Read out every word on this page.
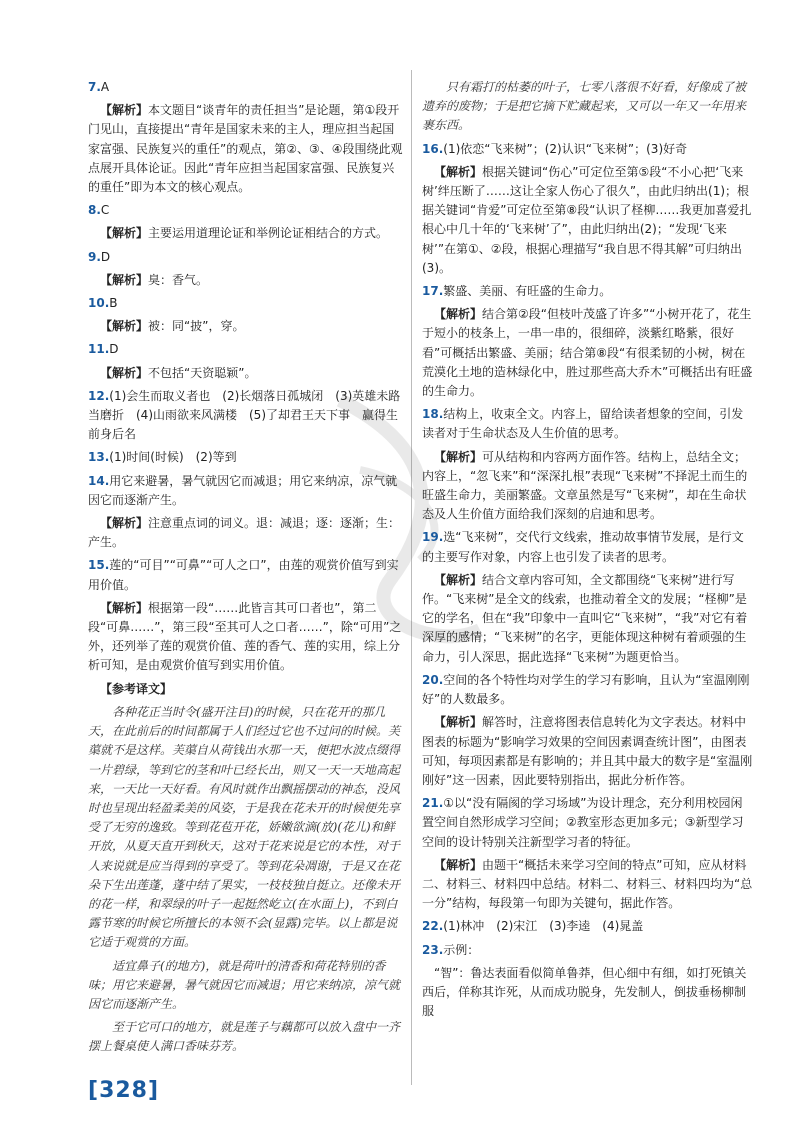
7.A
【解析】本文题目“谈青年的责任担当”是论题，第①段开门见山，直接提出“青年是国家未来的主人，理应担当起国家富强、民族复兴的重任”的观点，第②、③、④段围绕此观点展开具体论证。因此“青年应担当起国家富强、民族复兴的重任”即为本文的核心观点。
8.C
【解析】主要运用道理论证和举例论证相结合的方式。
9.D
【解析】臭：香气。
10.B
【解析】被：同“披”，穿。
11.D
【解析】不包括“天资聪颖”。
12.(1)会生而取义者也　(2)长烟落日孤城闭　(3)英雄未路当磨折　(4)山雨欲来风满楼　(5)了却君王天下事　赢得生前身后名
13.(1)时间(时候)　(2)等到
14.用它来避暑，暑气就因它而减退；用它来纳凉，凉气就因它而逐渐产生。
【解析】注意重点词的词义。退：减退；逐：逐渐；生：产生。
15.莲的“可目”“可鼻”“可人之口”，由莲的观赏价值写到实用价值。
【解析】根据第一段“……此皆言其可口者也”，第二段“可鼻……”，第三段“至其可人之口者……”，除“可用”之外，还列举了莲的观赏价值、莲的香气、莲的实用，综上分析可知，是由观赏价值写到实用价值。
【参考译文】
各种花正当时令(盛开注目)的时候，只在花开的那几天，在此前后的时间都属于人们经过它也不过问的时候。芙蕖就不是这样。芙蕖自从荷钱出水那一天，便把水波点缀得一片碧绿，等到它的茎和叶已经长出，则又一天一天地高起来，一天比一天好看。有风时就作出飘摇摆动的神态，没风时也呈现出轻盈柔美的风姿，于是我在花未开的时候便先享受了无穷的逸致。等到花苞开花，娇嫩欲滴(放)(花儿)和鲜开放，从夏天直开到秋天，这对于花来说是它的本性，对于人来说就是应当得到的享受了。等到花朵凋谢，于是又在花朵下生出莲蓬，蓬中结了果实，一枝枝独自挺立。还像未开的花一样，和翠绿的叶子一起挺然屹立(在水面上)，不到白露节寒的时候它所擅长的本领不会(显露)完毕。以上都是说它适于观赏的方面。
适宜鼻子(的地方)，就是荷叶的清香和荷花特别的香味；用它来避暑，暑气就因它而减退；用它来纳凉，凉气就因它而逐渐产生。
至于它可口的地方，就是莲子与藕都可以放入盘中一齐摆上餐桌使人满口香味芬芳。
只有霜打的枯萎的叶子，七零八落很不好看，好像成了被遗弃的废物；于是把它摘下贮藏起来，又可以一年又一年用来裹东西。
16.(1)依恋“飞来树”；(2)认识“飞来树”；(3)好奇
【解析】根据关键词“伤心”可定位至第⑤段“不小心把‘飞来树’绊压断了……这让全家人伤心了很久”，由此归纳出(1)；根据关键词“肯爱”可定位至第⑧段“认识了柽柳……我更加喜爱扎根心中几十年的‘飞来树’了”，由此归纳出(2)；“发现‘飞来树’”在第①、②段，根据心理描写“我自思不得其解”可归纳出(3)。
17.繁盛、美丽、有旺盛的生命力。
【解析】结合第②段“但枝叶茂盛了许多”“小树开花了，花生于短小的枝条上，一串一串的，很细碎，淡紫红略紫，很好看”可概括出繁盛、美丽；结合第⑧段“有很柔韧的小树，树在荒漠化土地的造林绿化中，胜过那些高大乔木”可概括出有旺盛的生命力。
18.结构上，收束全文。内容上，留给读者想象的空间，引发读者对于生命状态及人生价值的思考。
【解析】可从结构和内容两方面作答。结构上，总结全文；内容上，“忽飞来”和“深深扎根”表现“飞来树”不择泥土而生的旺盛生命力，美丽繁盛。文章虽然是写“飞来树”，却在生命状态及人生价值方面给我们深刻的启迪和思考。
19.选“飞来树”，交代行文线索，推动故事情节发展，是行文的主要写作对象，内容上也引发了读者的思考。
【解析】结合文章内容可知，全文都围绕“飞来树”进行写作。“飞来树”是全文的线索，也推动着全文的发展；“柽柳”是它的学名，但在“我”印象中一直叫它“飞来树”，“我”对它有着深厚的感情；“飞来树”的名字，更能体现这种树有着顽强的生命力，引人深思，据此选择“飞来树”为题更恰当。
20.空间的各个特性均对学生的学习有影响，且认为“室温刚刚好”的人数最多。
【解析】解答时，注意将图表信息转化为文字表达。材料中图表的标题为“影响学习效果的空间因素调查统计图”，由图表可知，每项因素都是有影响的；并且其中最大的数字是“室温刚刚好”这一因素，因此要特别指出，据此分析作答。
21.①以“没有隔阂的学习场域”为设计理念，充分利用校园闲置空间自然形成学习空间；②教室形态更加多元；③新型学习空间的设计特别关注新型学习者的特征。
【解析】由题干“概括未来学习空间的特点”可知，应从材料二、材料三、材料四中总结。材料二、材料三、材料四均为“总一分”结构，每段第一句即为关键句，据此作答。
22.(1)林冲　(2)宋江　(3)李逵　(4)晁盖
23.示例：
“智”：鲁达表面看似简单鲁莽，但心细中有细，如打死镇关西后，佯称其诈死，从而成功脱身，先发制人，倒拔垂杨柳制服
[328]
